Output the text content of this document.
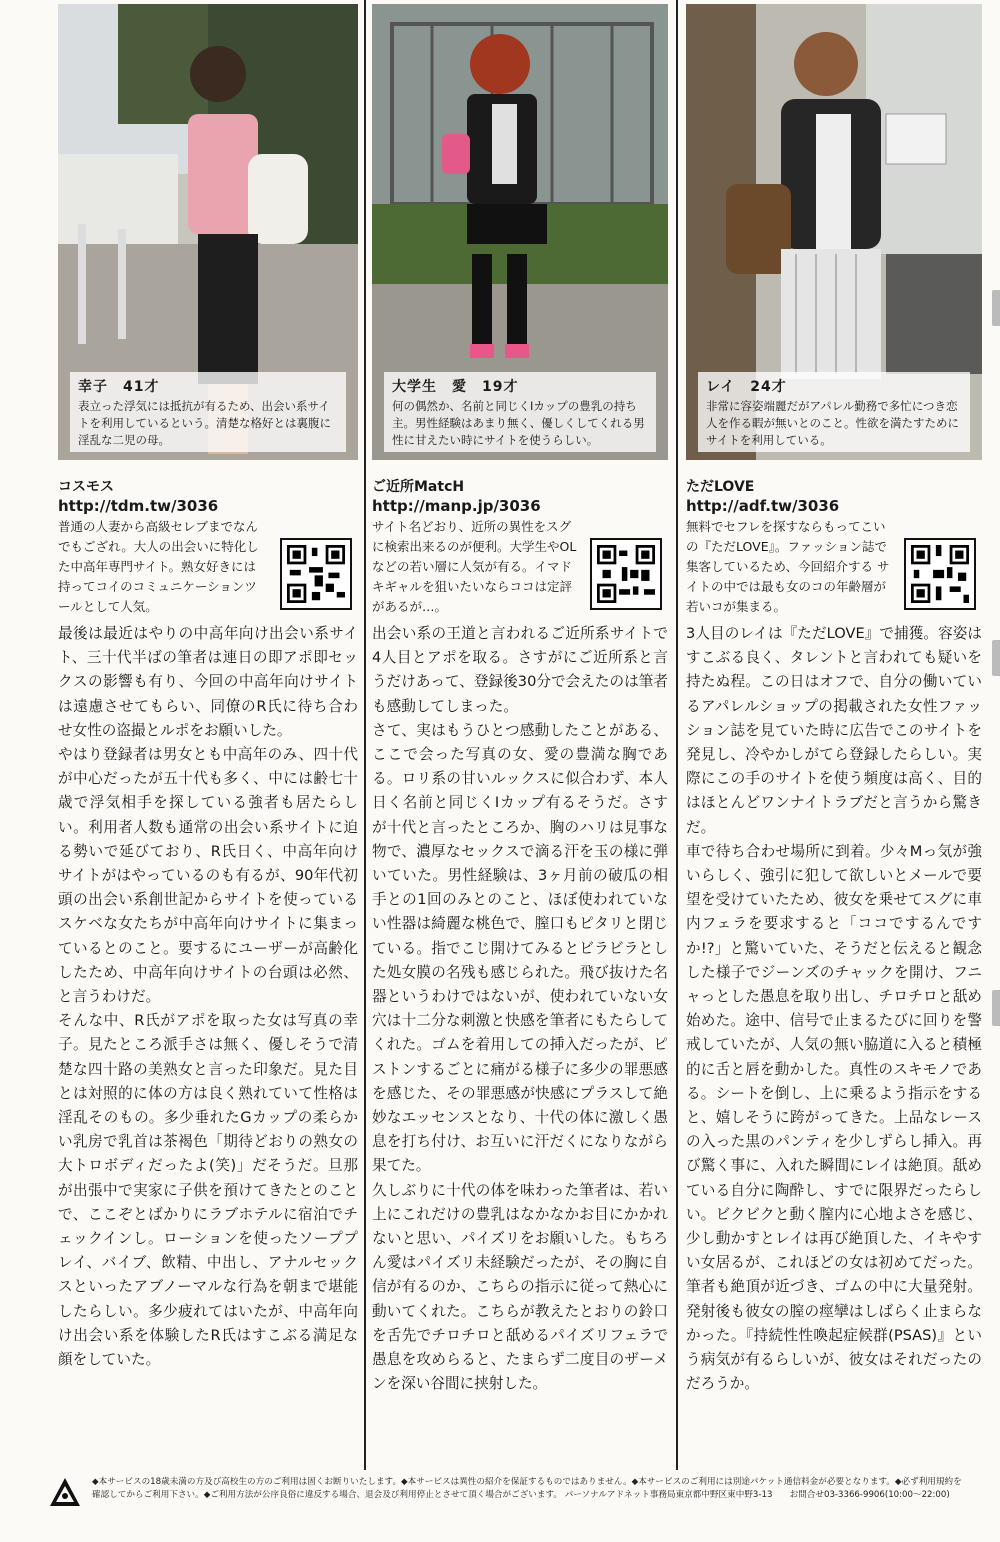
幸子　41才
表立った浮気には抵抗が有るため、出会い系サイトを利用しているという。清楚な格好とは裏腹に淫乱な二児の母。
コスモス
http://tdm.tw/3036
普通の人妻から高級セレブまでなんでもござれ。大人の出会いに特化した中高年専門サイト。熟女好きには持ってコイのコミュニケーションツールとして人気。
最後は最近はやりの中高年向け出会い系サイト、三十代半ばの筆者は連日の即アポ即セックスの影響も有り、今回の中高年向けサイトは遠慮させてもらい、同僚のR氏に待ち合わせ女性の盗撮とルポをお願いした。
やはり登録者は男女とも中高年のみ、四十代が中心だったが五十代も多く、中には齢七十歳で浮気相手を探している強者も居たらしい。利用者人数も通常の出会い系サイトに迫る勢いで延びており、R氏日く、中高年向けサイトがはやっているのも有るが、90年代初頭の出会い系創世記からサイトを使っているスケベな女たちが中高年向けサイトに集まっているとのこと。要するにユーザーが高齢化したため、中高年向けサイトの台頭は必然、と言うわけだ。
そんな中、R氏がアポを取った女は写真の幸子。見たところ派手さは無く、優しそうで清楚な四十路の美熟女と言った印象だ。見た目とは対照的に体の方は良く熟れていて性格は淫乱そのもの。多少垂れたGカップの柔らかい乳房で乳首は茶褐色「期待どおりの熟女の大トロボディだったよ(笑)」だそうだ。旦那が出張中で実家に子供を預けてきたとのことで、ここぞとばかりにラブホテルに宿泊でチェックインし。ローションを使ったソーププレイ、バイブ、飲精、中出し、アナルセックスといったアブノーマルな行為を朝まで堪能したらしい。多少疲れてはいたが、中高年向け出会い系を体験したR氏はすこぶる満足な顔をしていた。
大学生　愛　19才
何の偶然か、名前と同じくIカップの豊乳の持ち主。男性経験はあまり無く、優しくしてくれる男性に甘えたい時にサイトを使うらしい。
ご近所MatcH
http://manp.jp/3036
サイト名どおり、近所の異性をスグに検索出来るのが便利。大学生やOLなどの若い層に人気が有る。イマドキギャルを狙いたいならココは定評があるが…。
出会い系の王道と言われるご近所系サイトで4人目とアポを取る。さすがにご近所系と言うだけあって、登録後30分で会えたのは筆者も感動してしまった。
さて、実はもうひとつ感動したことがある、ここで会った写真の女、愛の豊満な胸である。ロリ系の甘いルックスに似合わず、本人日く名前と同じくIカップ有るそうだ。さすが十代と言ったところか、胸のハリは見事な物で、濃厚なセックスで滴る汗を玉の様に弾いていた。男性経験は、3ヶ月前の破瓜の相手との1回のみとのこと、ほぼ使われていない性器は綺麗な桃色で、膣口もピタリと閉じている。指でこじ開けてみるとビラビラとした処女膜の名残も感じられた。飛び抜けた名器というわけではないが、使われていない女穴は十二分な刺激と快感を筆者にもたらしてくれた。ゴムを着用しての挿入だったが、ピストンするごとに痛がる様子に多少の罪悪感を感じた、その罪悪感が快感にプラスして絶妙なエッセンスとなり、十代の体に激しく愚息を打ち付け、お互いに汗だくになりながら果てた。
久しぶりに十代の体を味わった筆者は、若い上にこれだけの豊乳はなかなかお目にかかれないと思い、パイズリをお願いした。もちろん愛はパイズリ未経験だったが、その胸に自信が有るのか、こちらの指示に従って熱心に動いてくれた。こちらが教えたとおりの鈴口を舌先でチロチロと舐めるパイズリフェラで愚息を攻めらると、たまらず二度目のザーメンを深い谷間に挟射した。
レイ　24才
非常に容姿端麗だがアパレル勤務で多忙につき恋人を作る暇が無いとのこと。性欲を満たすためにサイトを利用している。
ただLOVE
http://adf.tw/3036
無料でセフレを探すならもってこいの『ただLOVE』。ファッション誌で集客しているため、今回紹介する サイトの中では最も女のコの年齢層が若いコが集まる。
3人目のレイは『ただLOVE』で捕獲。容姿はすこぶる良く、タレントと言われても疑いを持たぬ程。この日はオフで、自分の働いているアパレルショップの掲載された女性ファッション誌を見ていた時に広告でこのサイトを発見し、冷やかしがてら登録したらしい。実際にこの手のサイトを使う頻度は高く、目的はほとんどワンナイトラブだと言うから驚きだ。
車で待ち合わせ場所に到着。少々Mっ気が強いらしく、強引に犯して欲しいとメールで要望を受けていたため、彼女を乗せてスグに車内フェラを要求すると「ココでするんですか!?」と驚いていた、そうだと伝えると観念した様子でジーンズのチャックを開け、フニャっとした愚息を取り出し、チロチロと舐め始めた。途中、信号で止まるたびに回りを警戒していたが、人気の無い脇道に入ると積極的に舌と唇を動かした。真性のスキモノである。シートを倒し、上に乗るよう指示をすると、嬉しそうに跨がってきた。上品なレースの入った黒のパンティを少しずらし挿入。再び驚く事に、入れた瞬間にレイは絶頂。舐めている自分に陶酔し、すでに限界だったらしい。ビクビクと動く膣内に心地よさを感じ、少し動かすとレイは再び絶頂した、イキやすい女居るが、これほどの女は初めてだった。筆者も絶頂が近づき、ゴムの中に大量発射。発射後も彼女の膣の痙攣はしばらく止まらなかった。『持続性性喚起症候群(PSAS)』という病気が有るらしいが、彼女はそれだったのだろうか。
◆本サービスの18歳未満の方及び高校生の方のご利用は固くお断りいたします。◆本サービスは異性の紹介を保証するものではありません。◆本サービスのご利用には別途パケット通信料金が必要となります。◆必ず利用規約を確認してからご利用下さい。◆ご利用方法が公序良俗に違反する場合、退会及び利用停止とさせて頂く場合がございます。 パーソナルアドネット事務局東京都中野区東中野3-13　　お問合せ03-3366-9906(10:00〜22:00)
